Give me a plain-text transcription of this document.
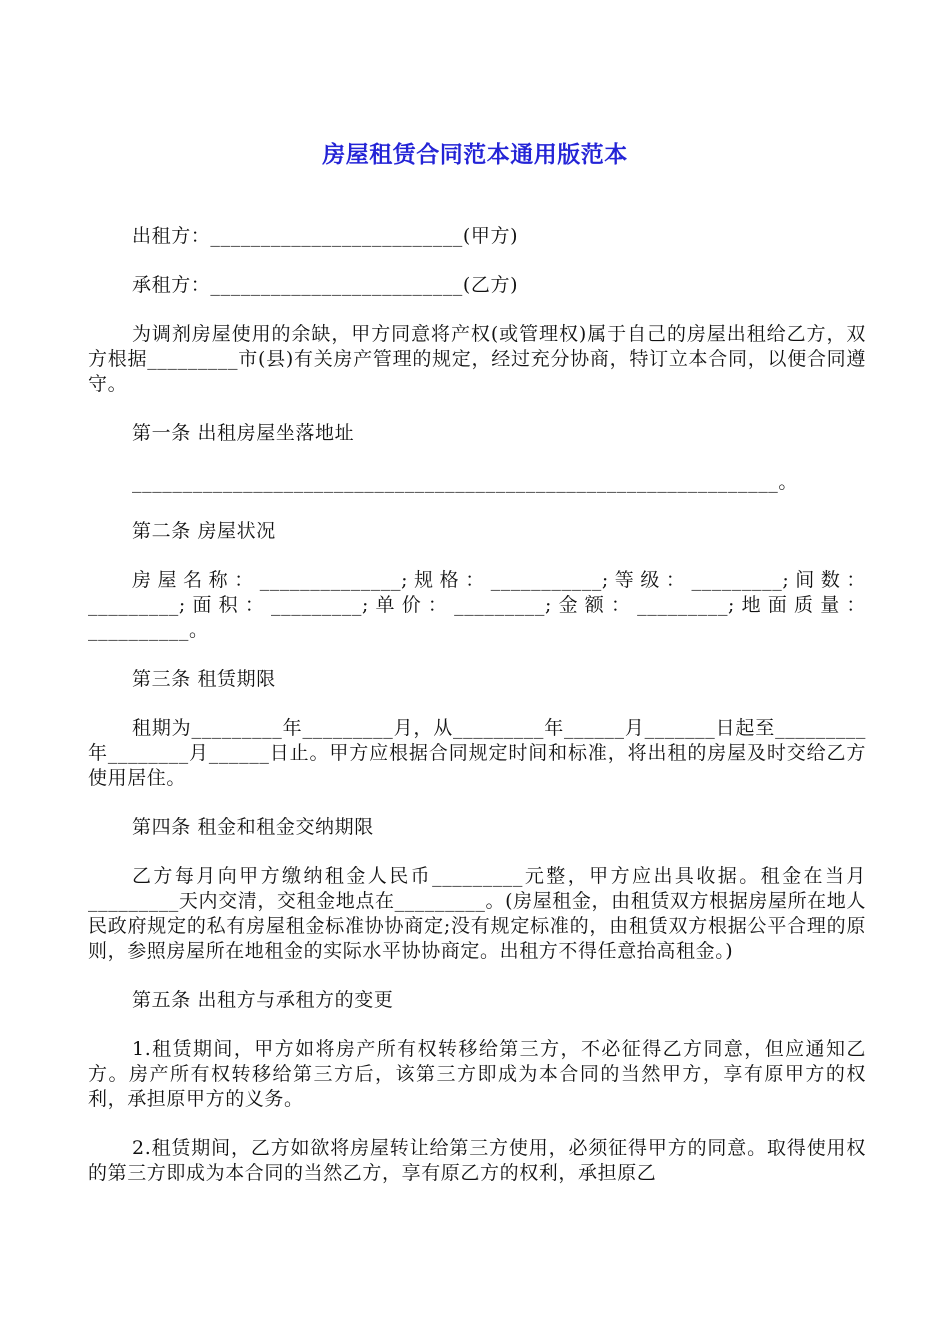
房屋租赁合同范本通用版范本
出租方：_________________________(甲方)
承租方：_________________________(乙方)

为调剂房屋使用的余缺，甲方同意将产权(或管理权)属于自己的房屋出租给乙方，双方根据_________市(县)有关房产管理的规定，经过充分协商，特订立本合同，以便合同遵守。

第一条 出租房屋坐落地址
________________________________________________________________。
第二条 房屋状况

房屋名称：______________;规格：___________;等级：_________;间数：_________;面积：_________;单价：_________;金额：_________;地面质量：__________。

第三条 租赁期限

租期为_________年_________月，从_________年______月_______日起至_________年________月______日止。甲方应根据合同规定时间和标准，将出租的房屋及时交给乙方使用居住。

第四条 租金和租金交纳期限

乙方每月向甲方缴纳租金人民币_________元整，甲方应出具收据。租金在当月_________天内交清，交租金地点在_________。(房屋租金，由租赁双方根据房屋所在地人民政府规定的私有房屋租金标准协协商定;没有规定标准的，由租赁双方根据公平合理的原则，参照房屋所在地租金的实际水平协协商定。出租方不得任意抬高租金。)

第五条 出租方与承租方的变更

1.租赁期间，甲方如将房产所有权转移给第三方，不必征得乙方同意，但应通知乙方。房产所有权转移给第三方后，该第三方即成为本合同的当然甲方，享有原甲方的权利，承担原甲方的义务。

2.租赁期间，乙方如欲将房屋转让给第三方使用，必须征得甲方的同意。取得使用权的第三方即成为本合同的当然乙方，享有原乙方的权利，承担原乙
